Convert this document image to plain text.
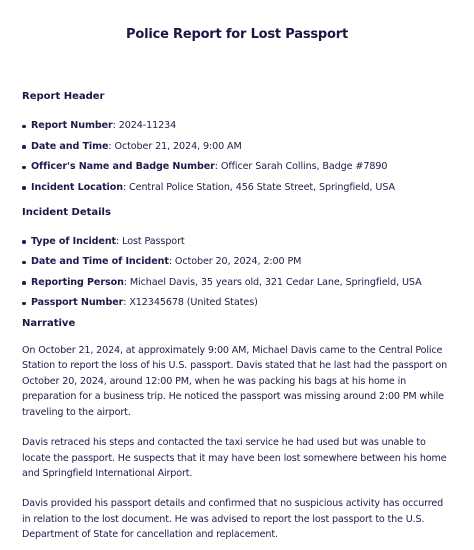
Police Report for Lost Passport
Report Header
Report Number: 2024-11234
Date and Time: October 21, 2024, 9:00 AM
Officer's Name and Badge Number: Officer Sarah Collins, Badge #7890
Incident Location: Central Police Station, 456 State Street, Springfield, USA
Incident Details
Type of Incident: Lost Passport
Date and Time of Incident: October 20, 2024, 2:00 PM
Reporting Person: Michael Davis, 35 years old, 321 Cedar Lane, Springfield, USA
Passport Number: X12345678 (United States)
Narrative

On October 21, 2024, at approximately 9:00 AM, Michael Davis came to the Central Police Station to report the loss of his U.S. passport. Davis stated that he last had the passport on October 20, 2024, around 12:00 PM, when he was packing his bags at his home in preparation for a business trip. He noticed the passport was missing around 2:00 PM while traveling to the airport.

Davis retraced his steps and contacted the taxi service he had used but was unable to locate the passport. He suspects that it may have been lost somewhere between his home and Springfield International Airport.

Davis provided his passport details and confirmed that no suspicious activity has occurred in relation to the lost document. He was advised to report the lost passport to the U.S. Department of State for cancellation and replacement.
